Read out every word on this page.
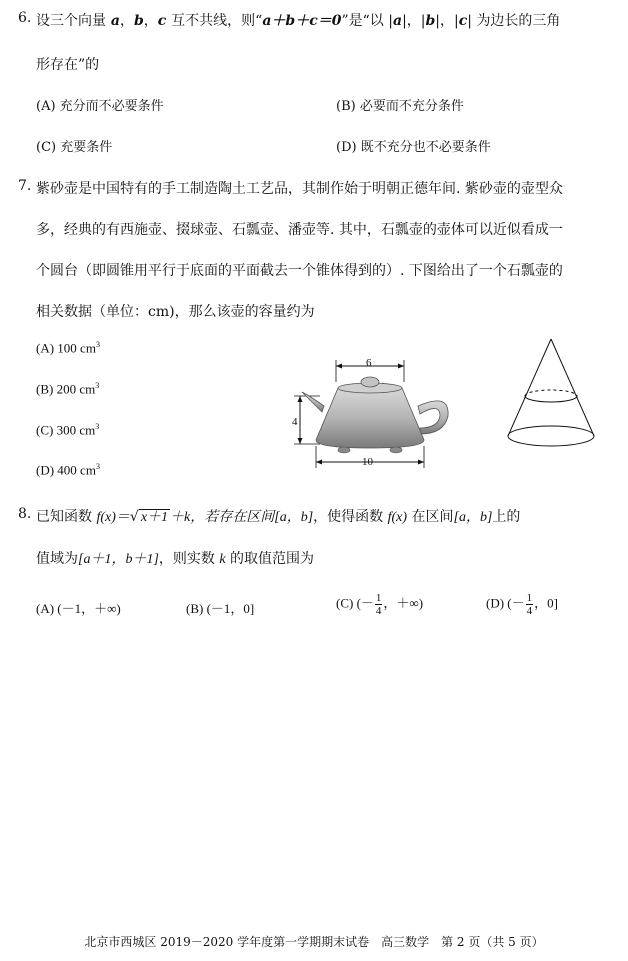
6. 设三个向量 a，b，c 互不共线，则“a＋b＋c＝0”是“以 |a|，|b|，|c| 为边长的三角
形存在”的
(A) 充分而不必要条件	(B) 必要而不充分条件
(C) 充要条件	(D) 既不充分也不必要条件
7. 紫砂壶是中国特有的手工制造陶土工艺品，其制作始于明朝正德年间. 紫砂壶的壶型众
多，经典的有西施壶、掇球壶、石瓢壶、潘壶等. 其中，石瓢壶的壶体可以近似看成一
个圆台（即圆锥用平行于底面的平面截去一个锥体得到的）. 下图给出了一个石瓢壶的
相关数据（单位：cm)，那么该壶的容量约为
(A) 100 $cm^3$
(B) 200 $cm^3$
(C) 300 $cm^3$
(D) 400 $cm^3$
6
4
10
8. 已知函数 f(x)＝√ x＋1 ＋k，若存在区间[a，b]，使得函数 f(x) 在区间[a，b]上的
值域为[a＋1，b＋1]，则实数 k 的取值范围为
(A) (－1，＋∞)	(B) (－1，0]	(C) (－ $\frac{1}{4}$ ，＋∞)	(D) (－ $\frac{1}{4}$ ，0]
北京市西城区 2019－2020 学年度第一学期期末试卷　高三数学　第 2 页（共 5 页）
